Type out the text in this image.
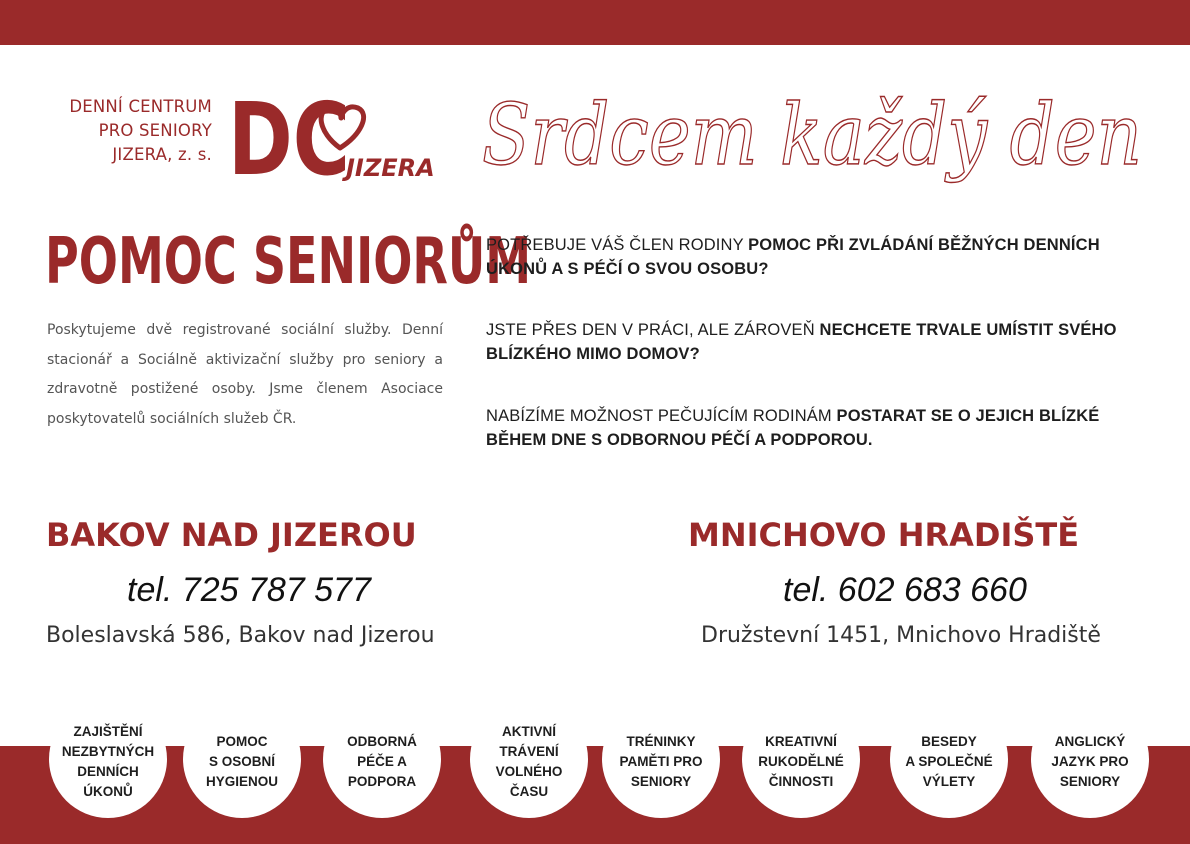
DENNÍ CENTRUM
PRO SENIORY
JIZERA, z. s. DC
JIZERA Srdcem každý den
POMOC SENIORŮM
Poskytujeme dvě registrované sociální služby. Denní stacionář a Sociálně aktivizační služby pro seniory a zdravotně postižené osoby. Jsme členem Asociace poskytovatelů sociálních služeb ČR.
POTŘEBUJE VÁŠ ČLEN RODINY POMOC PŘI ZVLÁDÁNÍ BĚŽNÝCH DENNÍCH ÚKONŮ A S PÉČÍ O SVOU OSOBU?
JSTE PŘES DEN V PRÁCI, ALE ZÁROVEŇ NECHCETE TRVALE UMÍSTIT SVÉHO BLÍZKÉHO MIMO DOMOV?
NABÍZÍME MOŽNOST PEČUJÍCÍM RODINÁM POSTARAT SE O JEJICH BLÍZKÉ BĚHEM DNE S ODBORNOU PÉČÍ A PODPOROU.
BAKOV NAD JIZEROU
tel. 725 787 577
Boleslavská 586, Bakov nad Jizerou
MNICHOVO HRADIŠTĚ
tel. 602 683 660
Družstevní 1451, Mnichovo Hradiště
ZAJIŠTĚNÍ
NEZBYTNÝCH
DENNÍCH
ÚKONŮ
POMOC
S OSOBNÍ
HYGIENOU
ODBORNÁ
PÉČE A
PODPORA
AKTIVNÍ
TRÁVENÍ
VOLNÉHO
ČASU
TRÉNINKY
PAMĚTI PRO
SENIORY
KREATIVNÍ
RUKODĚLNÉ
ČINNOSTI
BESEDY
A SPOLEČNÉ
VÝLETY
ANGLICKÝ
JAZYK PRO
SENIORY
